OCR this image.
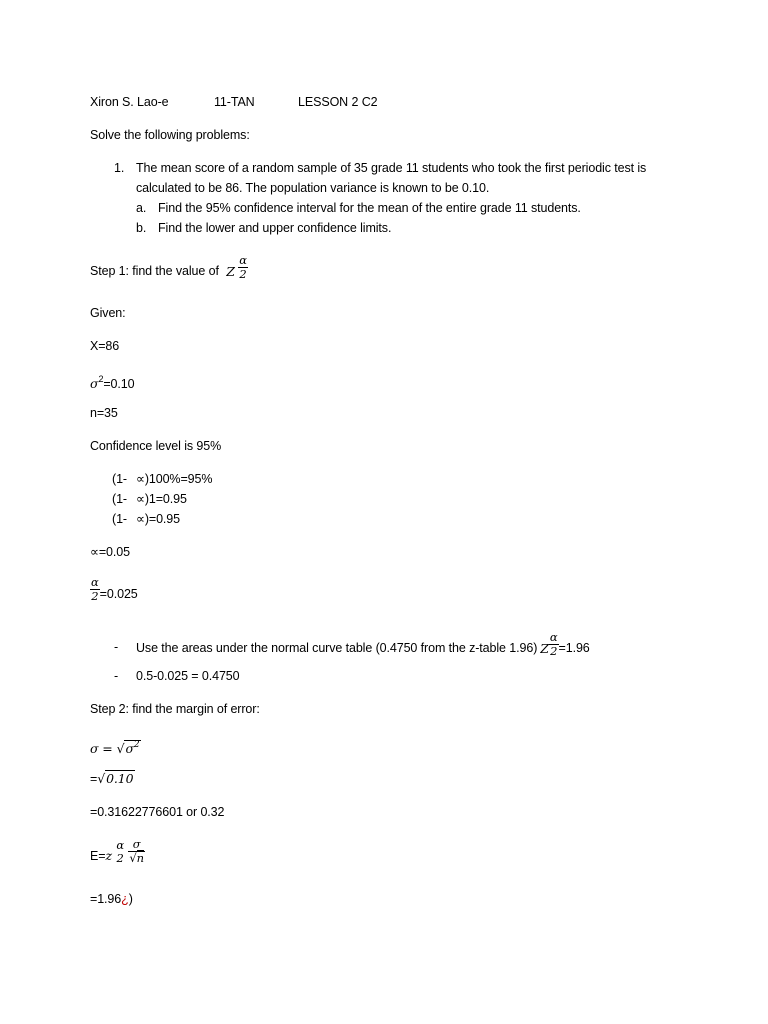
Xiron S. Lao-e	11-TAN	LESSON 2 C2
Solve the following problems:
1. The mean score of a random sample of 35 grade 11 students who took the first periodic test is
calculated to be 86. The population variance is known to be 0.10.
a. Find the 95% confidence interval for the mean of the entire grade 11 students.
b. Find the lower and upper confidence limits.
Step 1: find the value of Z $\frac{\alpha}{2}$
Given:
X=86
$\sigma^2=0.10$
n=35
Confidence level is 95%
(1- ∝)100%=95%
(1- ∝)1=0.95
(1- ∝)=0.95
∝=0.05
$\frac{\alpha}{2} =0.025$
- Use the areas under the normal curve table (0.4750 from the z-table 1.96) Z $\frac{\alpha}{2} =1.96$
- 0.5-0.025 = 0.4750
Step 2: find the margin of error:
$\sigma = √\sigma^2$
=√0.10
=0.31622776601 or 0.32
E=z
α
2
$\frac{\sigma}{√n}$
=1.96¿)
